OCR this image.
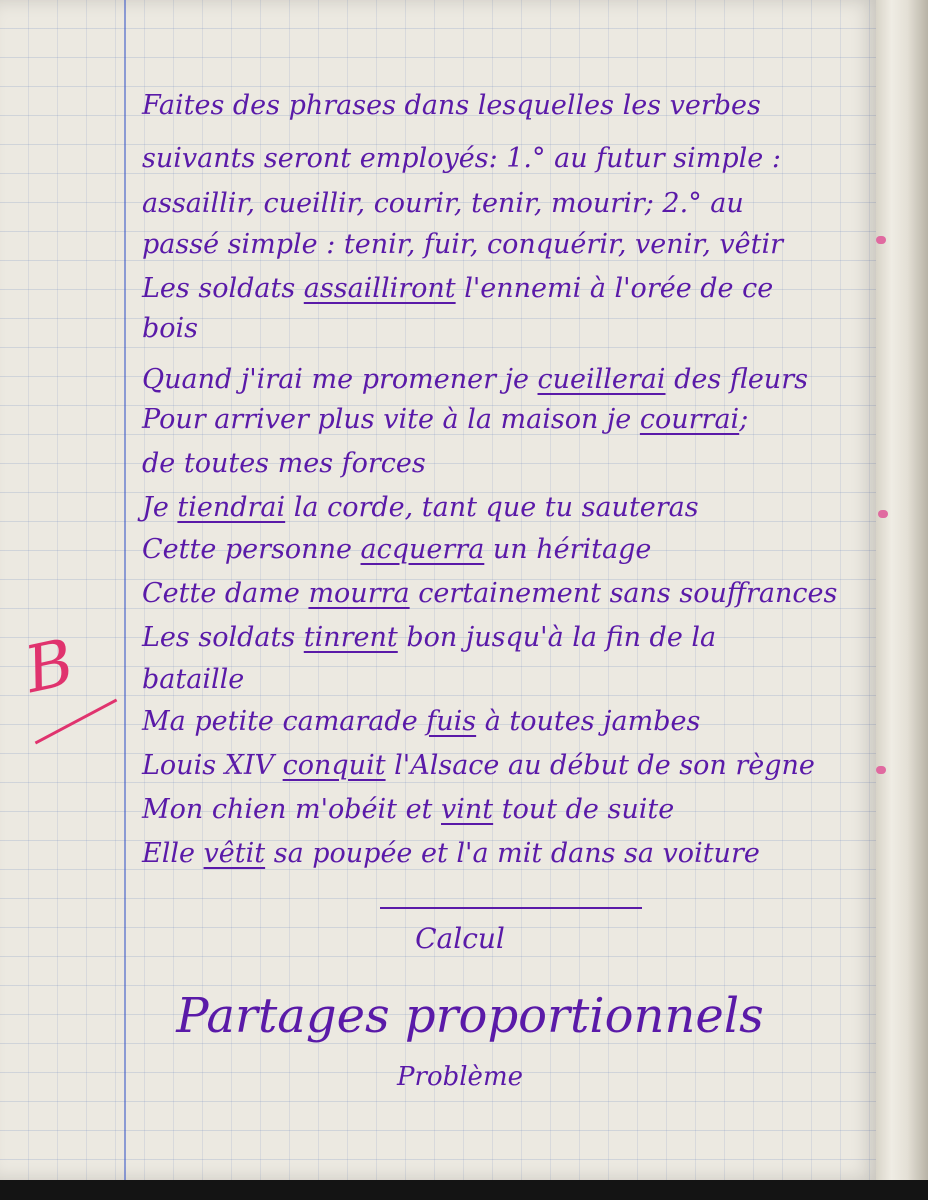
Faites des phrases dans lesquelles les verbes
suivants seront employés: 1.° au futur simple :
assaillir, cueillir, courir, tenir, mourir; 2.° au
passé simple : tenir, fuir, conquérir, venir, vêtir
Les soldats assailliront l'ennemi à l'orée de ce
bois
Quand j'irai me promener je cueillerai des fleurs
Pour arriver plus vite à la maison je courrai;
de toutes mes forces
Je tiendrai la corde, tant que tu sauteras
Cette personne acquerra un héritage
Cette dame mourra certainement sans souffrances
Les soldats tinrent bon jusqu'à la fin de la
bataille
Ma petite camarade fuis à toutes jambes
Louis XIV conquit l'Alsace au début de son règne
Mon chien m'obéit et vint tout de suite
Elle vêtit sa poupée et l'a mit dans sa voiture
B
Calcul
Partages proportionnels
Problème
